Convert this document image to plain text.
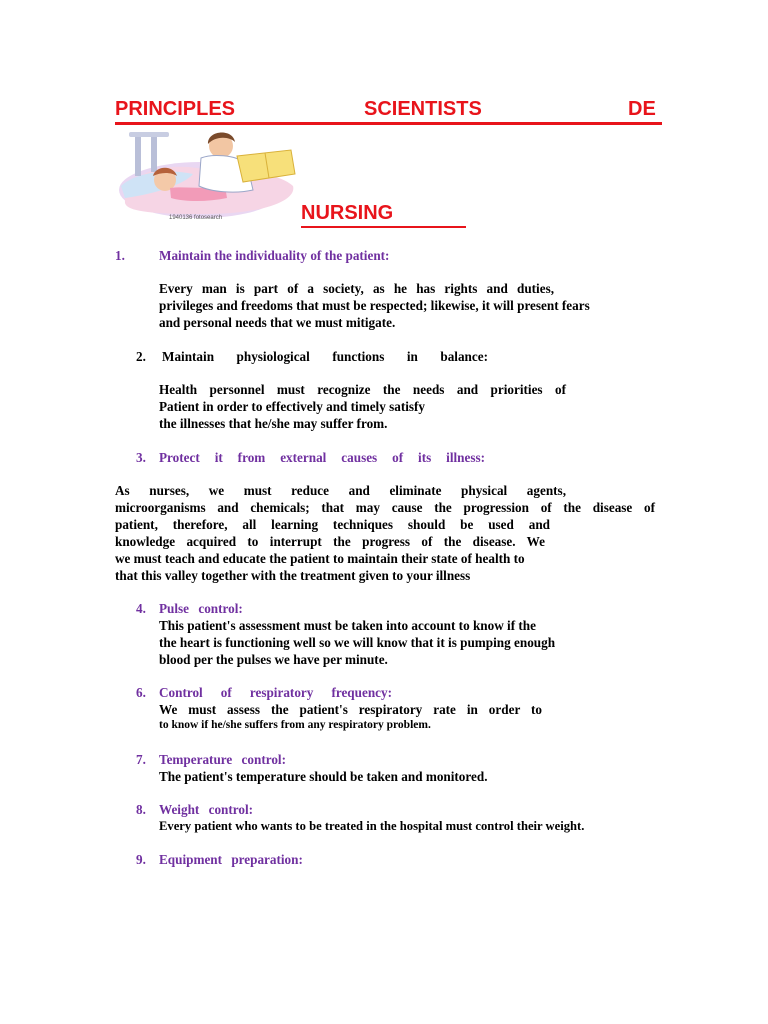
PRINCIPLES	SCIENTISTS	DE
1940136 fotosearch	NURSING
1.	Maintain the individuality of the patient:
Every man is part of a society, as he has rights and duties,
privileges and freedoms that must be respected; likewise, it will present fears
and personal needs that we must mitigate.
2. Maintain physiological functions in balance:
Health personnel must recognize the needs and priorities of
Patient in order to effectively and timely satisfy
the illnesses that he/she may suffer from.
3. Protect it from external causes of its illness:
As nurses, we must reduce and eliminate physical agents,
microorganisms and chemicals; that may cause the progression of the disease of
patient, therefore, all learning techniques should be used and
knowledge acquired to interrupt the progress of the disease. We
we must teach and educate the patient to maintain their state of health to
that this valley together with the treatment given to your illness
4. Pulse control:
This patient's assessment must be taken into account to know if the
the heart is functioning well so we will know that it is pumping enough
blood per the pulses we have per minute.
6. Control of respiratory frequency:
We must assess the patient's respiratory rate in order to
to know if he/she suffers from any respiratory problem.
7. Temperature control:
The patient's temperature should be taken and monitored.
8. Weight control:
Every patient who wants to be treated in the hospital must control their weight.
9. Equipment preparation:
